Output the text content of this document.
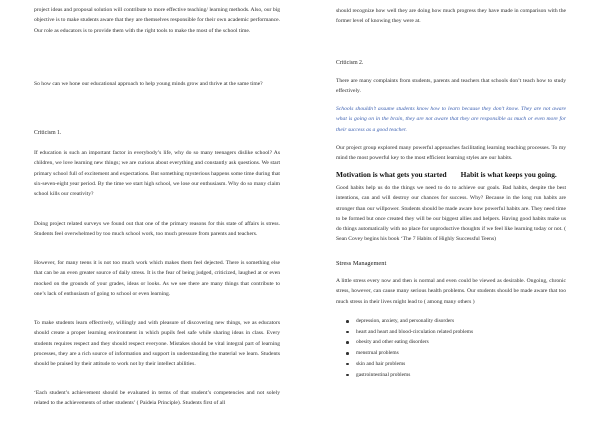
project ideas and proposal solution will contribute to more effective teaching/ learning methods. Also, our big objective is to make students aware that they are themselves responsible for their own academic performance. Our role as educators is to provide them with the right tools to make the most of the school time.

So how can we hone our educational approach to help young minds grow and thrive at the same time?

Criticism 1.

If education is such an important factor in everybody’s life, why do so many teenagers dislike school? As children, we love learning new things; we are curious about everything and constantly ask questions. We start primary school full of excitement and expectations. But something mysterious happens some time during that six-seven-eight year period. By the time we start high school, we lose our enthusiasm. Why do so many claim school kills our creativity?

Doing project related surveys we found out that one of the primary reasons for this state of affairs is stress. Students feel overwhelmed by too much school work, too much pressure from parents and teachers.

However, for many teens it is not too much work which makes them feel dejected. There is something else that can be an even greater source of daily stress. It is the fear of being judged, criticized, laughed at or even mocked on the grounds of your grades, ideas or looks. As we see there are many things that contribute to one’s lack of enthusiasm of going to school or even learning.

To make students learn effectively, willingly and with pleasure of discovering new things, we as educators should create a proper learning environment in which pupils feel safe while sharing ideas in class. Every students requires respect and they should respect everyone. Mistakes should be vital integral part of learning processes, they are a rich source of information and support in understanding the material we learn. Students should be praised by their attitude to work not by their intellect abilities.

‘Each student’s achievement should be evaluated in terms of that student’s competencies and not solely related to the achievements of other students’ ( Paideia Principle). Students first of all

should recognize how well they are doing how much progress they have made in comparison with the former level of knowing they were at.

Criticism 2.

There are many complaints from students, parents and teachers that schools don’t teach how to study effectively.

Schools shouldn’t assume students know how to learn because they don’t know. They are not aware what is going on in the brain, they are not aware that they are responsible as much or even more for their success as a good teacher.

Our project group explored many powerful approaches facilitating learning teaching processes. To my mind the most powerful key to the most efficient learning styles are our habits.

Motivation is what gets you started Habit is what keeps you going.

Good habits help us do the things we need to do to achieve our goals. Bad habits, despite the best intentions, can and will destroy our chances for success. Why? Because in the long run habits are stronger than our willpower. Students should be made aware how powerful habits are. They need time to be formed but once created they will be our biggest allies and helpers. Having good habits make us do things automatically with no place for unproductive thoughts if we feel like learning today or not. ( Sean Covey begins his book ‘The 7 Habits of Highly Successful Teens)

Stress Management

A little stress every now and then is normal and even could be viewed as desirable. Ongoing, chronic stress, however, can cause many serious health problems. Our students should be made aware that too much stress in their lives might lead to ( among many others )

depression, anxiety, and personality disorders
heart and heart and blood-circulation related problems
obesity and other eating disorders
menstrual problems
skin and hair problems
gastrointestinal problems
